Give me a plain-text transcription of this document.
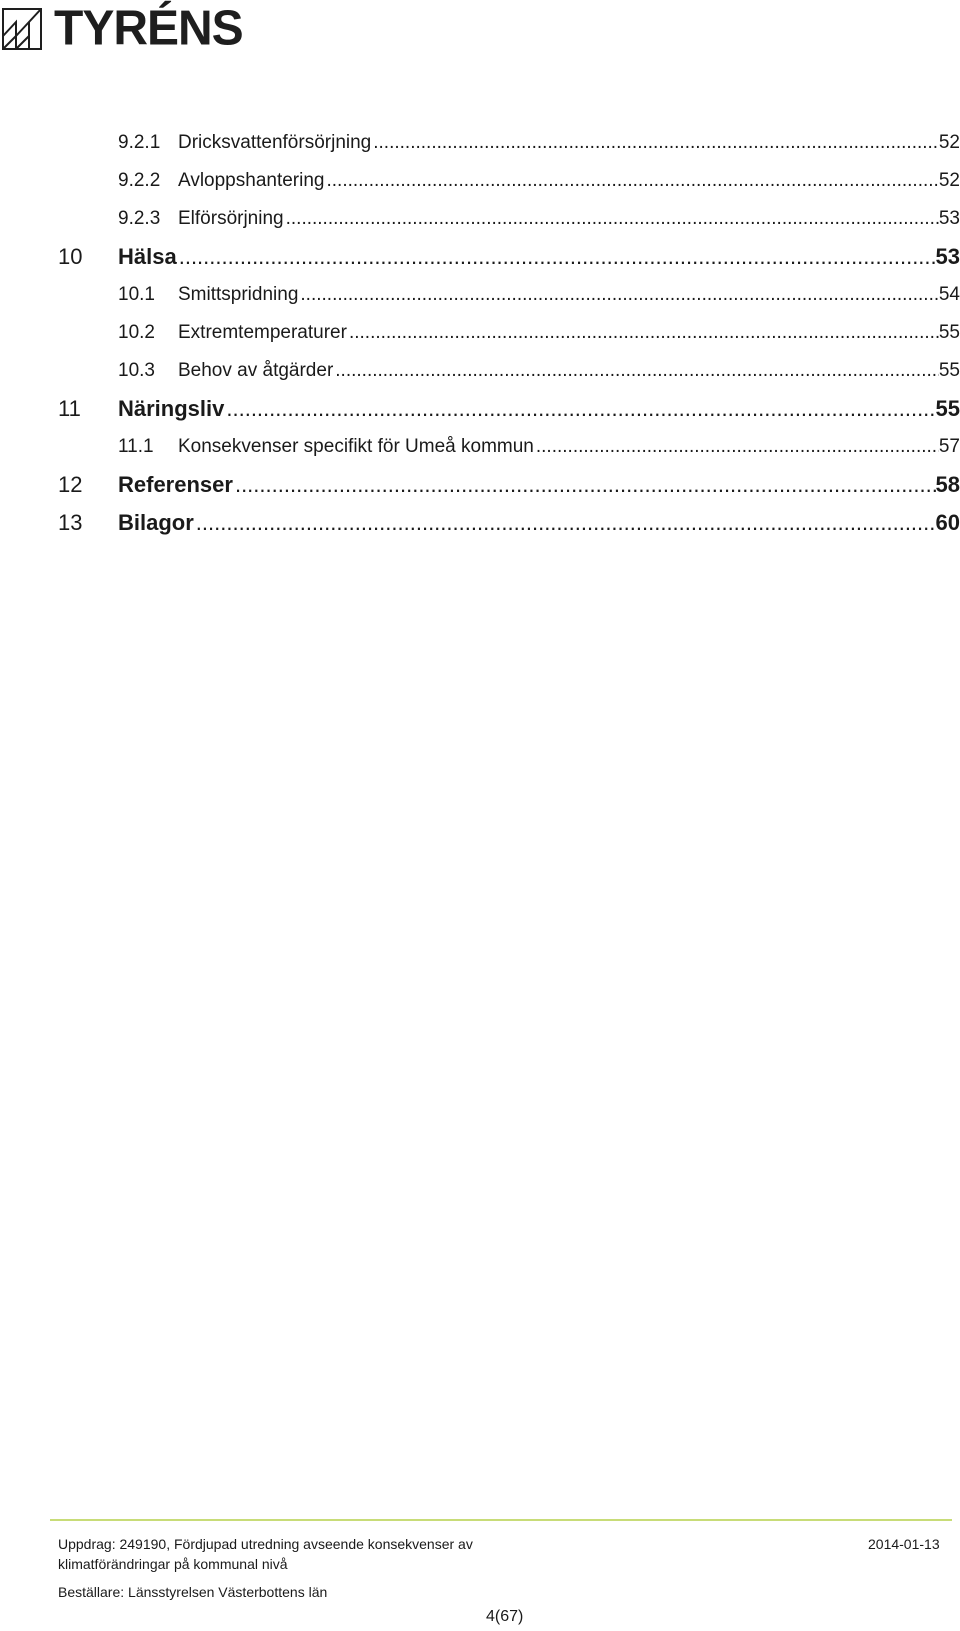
TYRÉNS
9.2.1 Dricksvattenförsörjning .....	52
9.2.2 Avloppshantering .....	52
9.2.3 Elförsörjning .....	53
10 Hälsa .....	53
10.1 Smittspridning .....	54
10.2 Extremtemperaturer .....	55
10.3 Behov av åtgärder .....	55
11 Näringsliv .....	55
11.1 Konsekvenser specifikt för Umeå kommun .....	57
12 Referenser .....	58
13 Bilagor .....	60
Uppdrag: 249190, Fördjupad utredning avseende konsekvenser av
klimatförändringar på kommunal nivå
Beställare: Länsstyrelsen Västerbottens län
2014-01-13
4(67)
